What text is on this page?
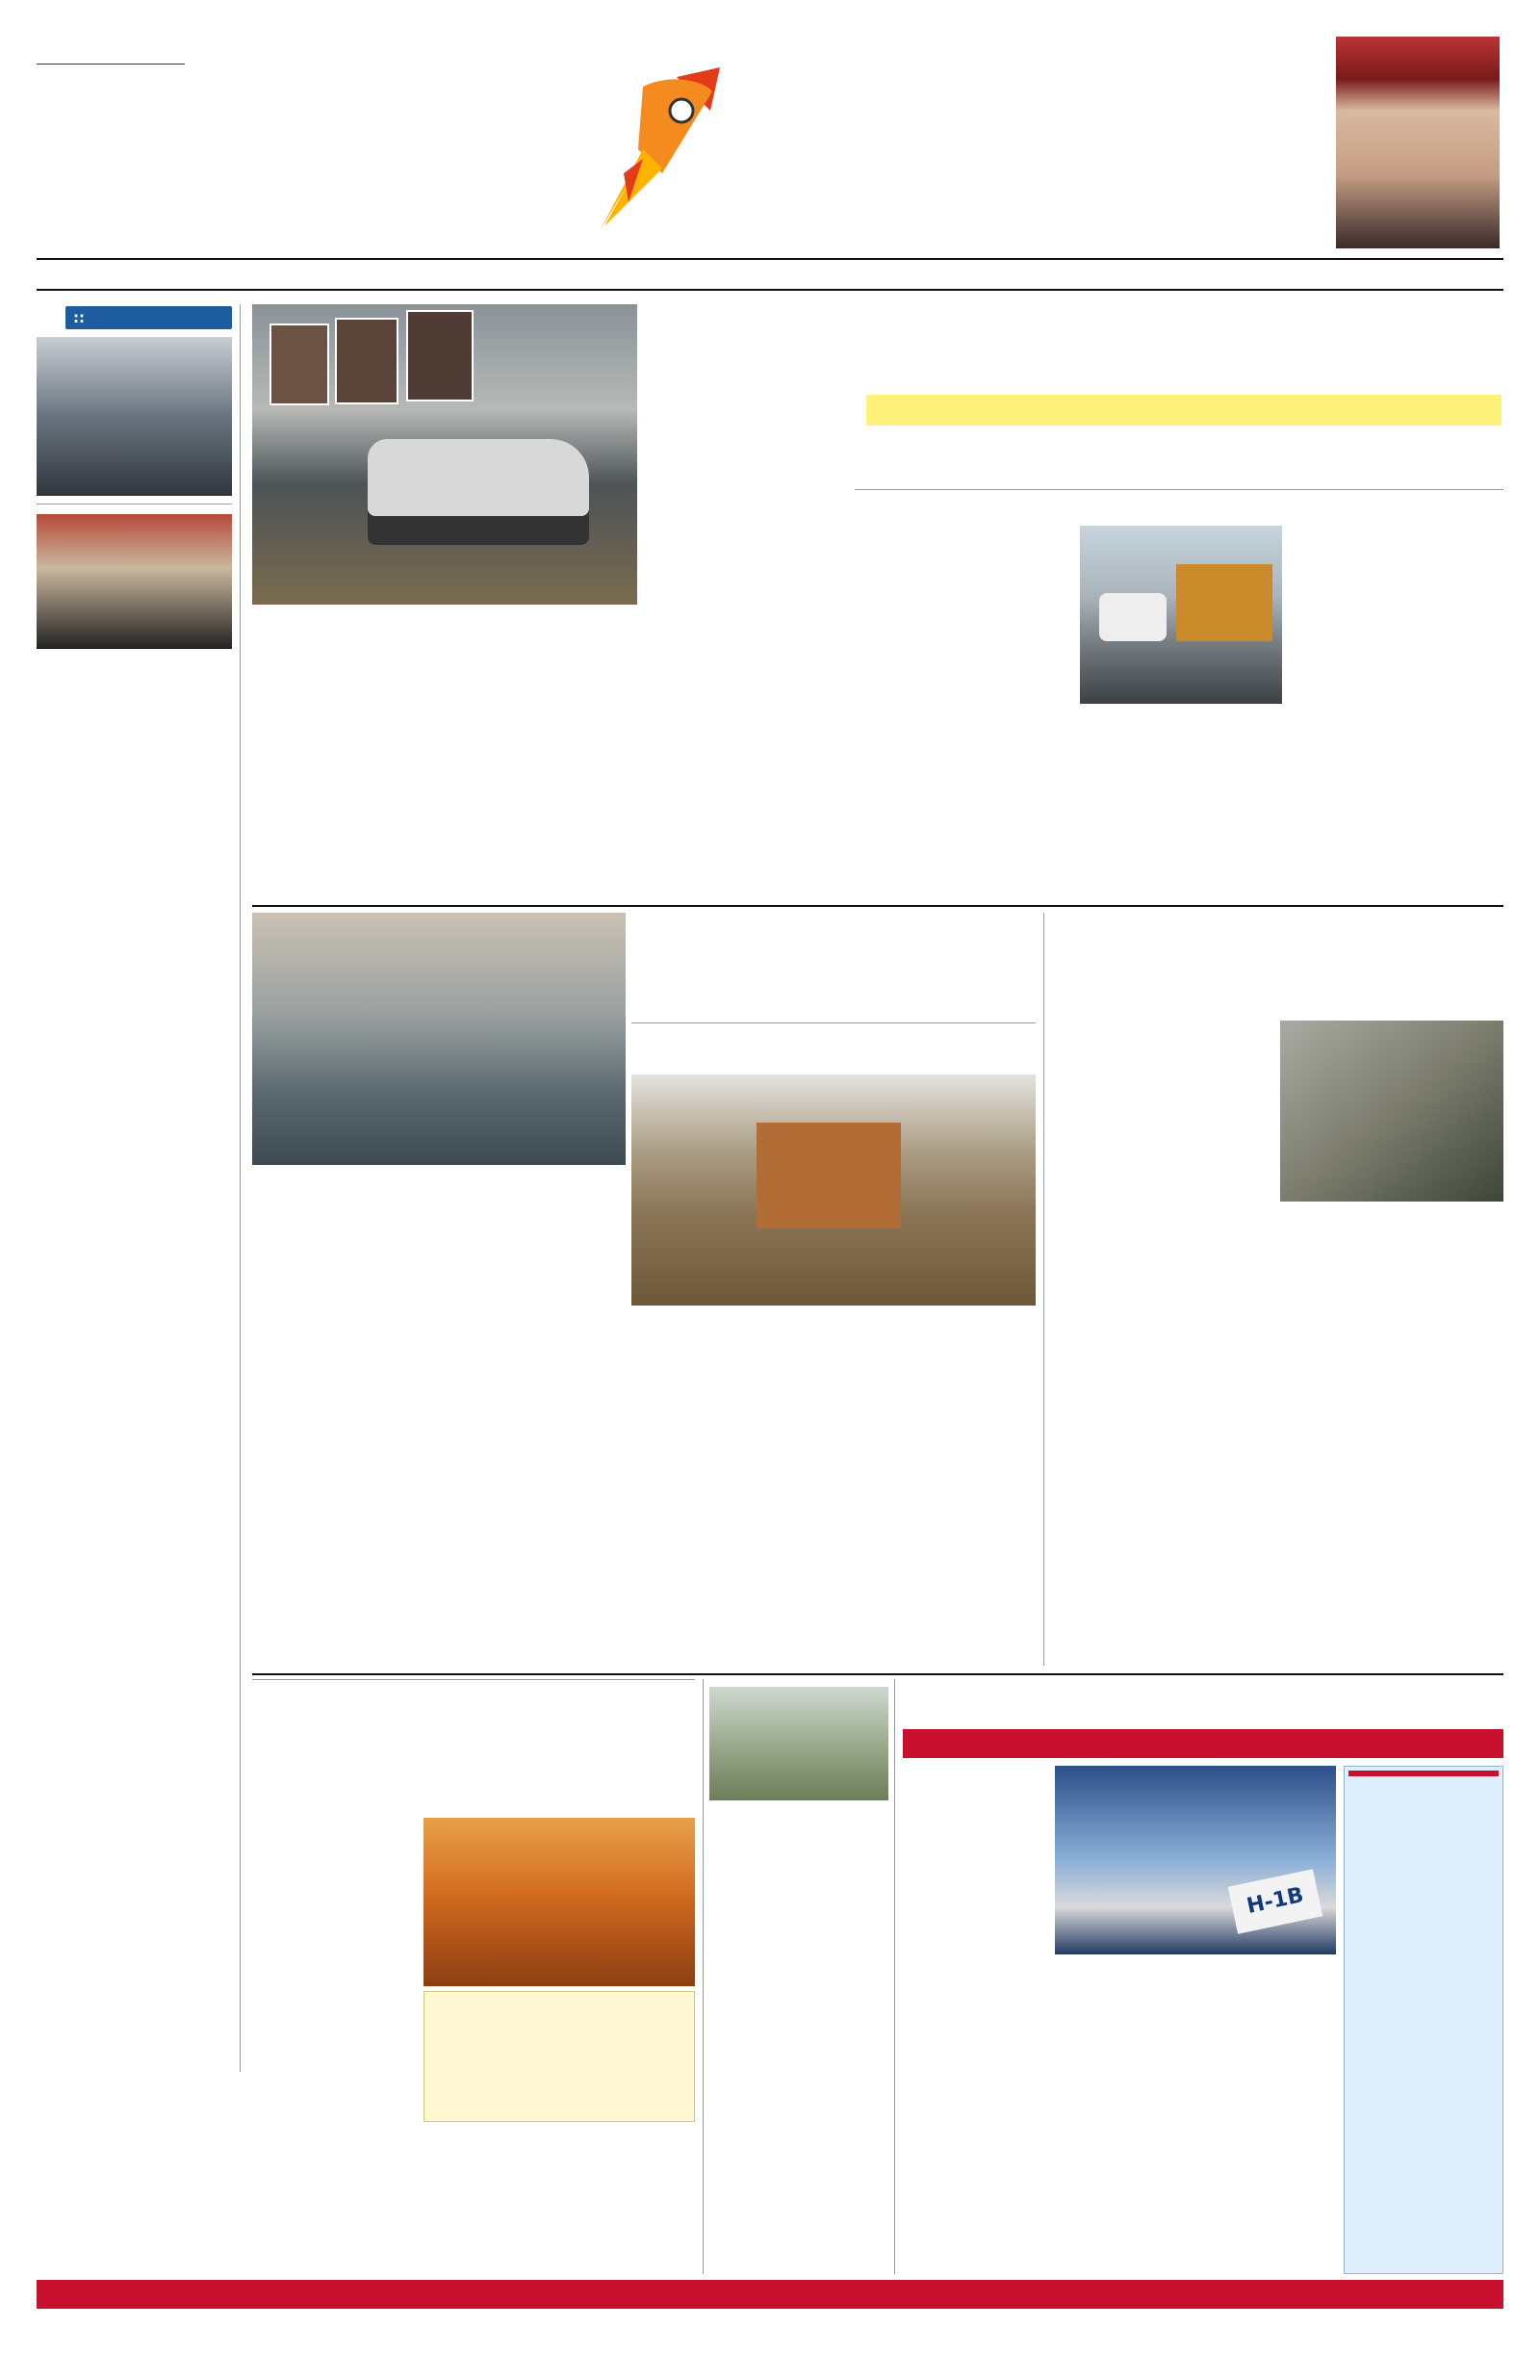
::
H-1B
